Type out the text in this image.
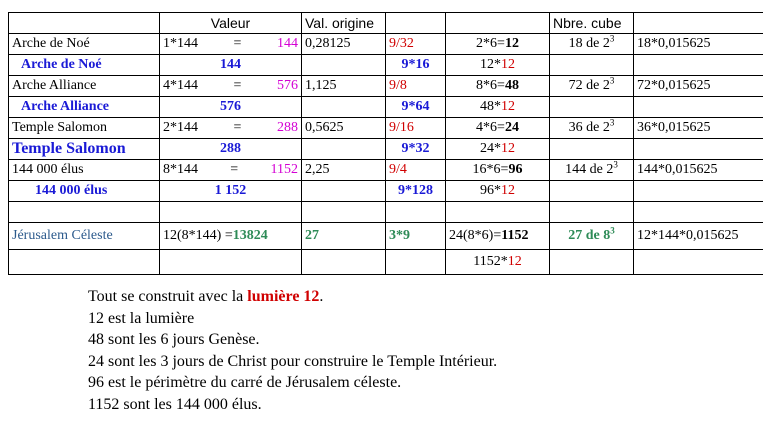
	Valeur	Val. origine			Nbre. cube	
Arche de Noé	1*144 = 144	0,28125	9/32	2*6=12	18 de $2^3$	18*0,015625
Arche de Noé	144		9*16	12*12		
Arche Alliance	4*144 = 576	1,125	9/8	8*6=48	72 de $2^3$	72*0,015625
Arche Alliance	576		9*64	48*12		
Temple Salomon	2*144 = 288	0,5625	9/16	4*6=24	36 de $2^3$	36*0,015625
Temple Salomon	288		9*32	24*12		
144 000 élus	8*144 = 1152	2,25	9/4	16*6=96	144 de $2^3$	144*0,015625
144 000 élus	1 152		9*128	96*12		

Jérusalem Céleste	12(8*144) =13824	27	3*9	24(8*6)=1152	27 de $8^3$	12*144*0,015625
				1152*12		
Tout se construit avec la lumière 12.
12 est la lumière
48 sont les 6 jours Genèse.
24 sont les 3 jours de Christ pour construire le Temple Intérieur.
96 est le périmètre du carré de Jérusalem céleste.
1152 sont les 144 000 élus.
